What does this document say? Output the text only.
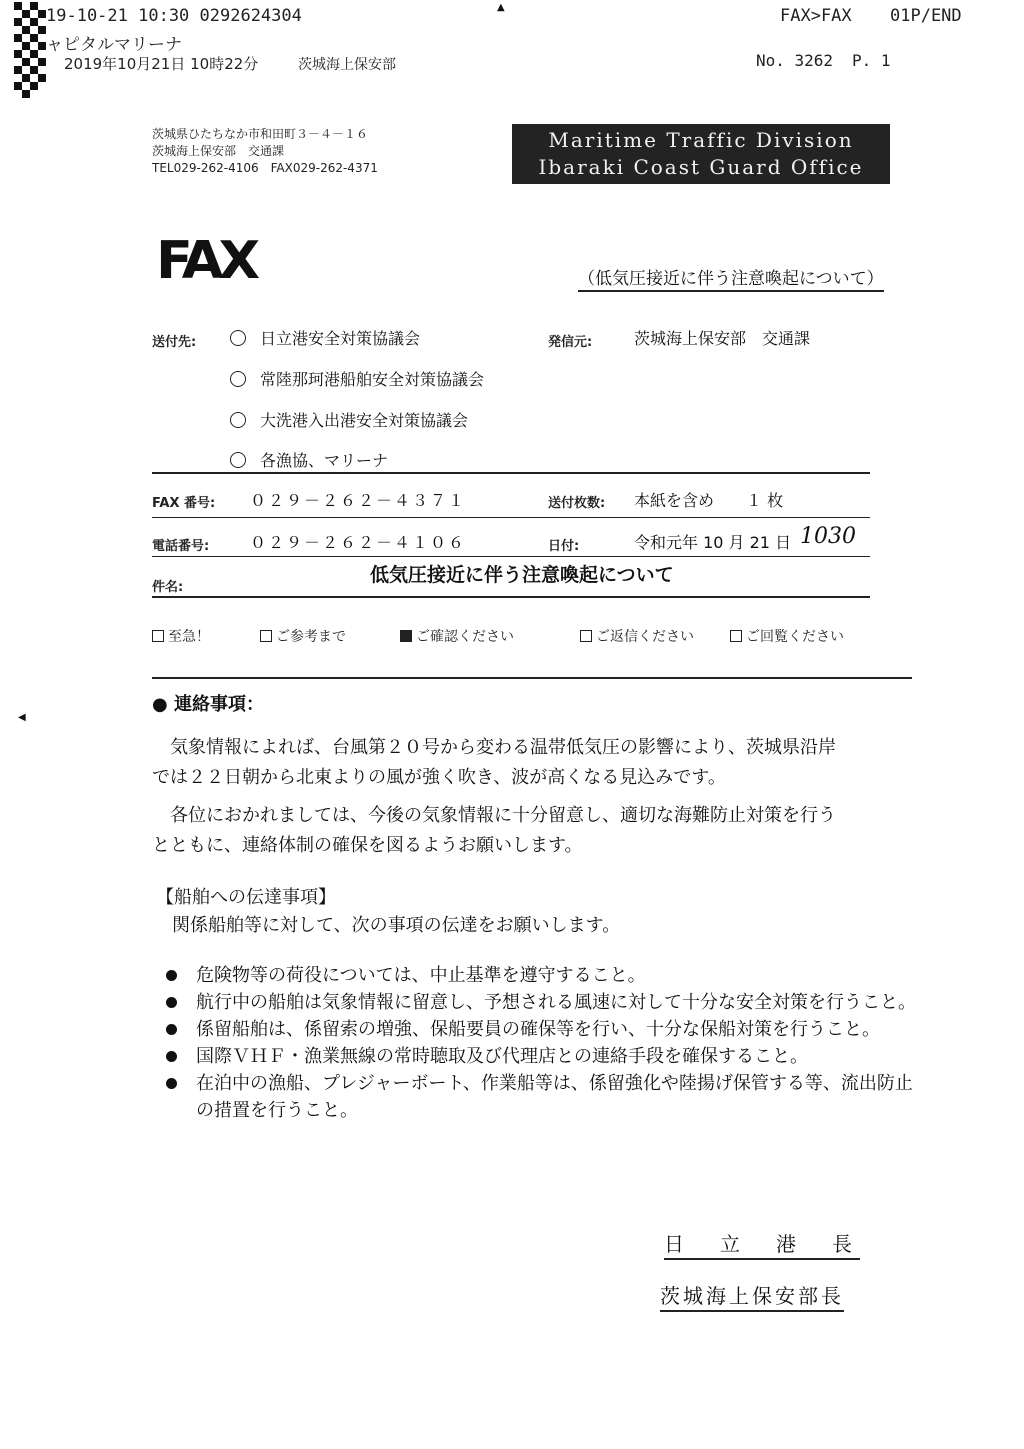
19-10-21 10:30 0292624304
ャピタルマリーナ
2019年10月21日 10時22分	茨城海上保安部
▲	FAX>FAX 01P/END
No. 3262 P. 1
茨城県ひたちなか市和田町３－４－１６
茨城海上保安部　交通課
TEL029-262-4106　FAX029-262-4371
Maritime Traffic Division
Ibaraki Coast Guard Office
FAX	（低気圧接近に伴う注意喚起について）
送付先:	日立港安全対策協議会
常陸那珂港船舶安全対策協議会
大洗港入出港安全対策協議会
各漁協、マリーナ
発信元:	茨城海上保安部　交通課
FAX 番号: ０２９－２６２－４３７１	送付枚数: 本紙を含め　　１ 枚
電話番号:	０２９－２６２－４１０６	日付:	令和元年 10 月 21 日 1030
件名:
低気圧接近に伴う注意喚起について
至急！	ご参考まで	ご確認ください	ご返信ください	ご回覧ください
◀
● 連絡事項：
気象情報によれば、台風第２０号から変わる温帯低気圧の影響により、茨城県沿岸
では２２日朝から北東よりの風が強く吹き、波が高くなる見込みです。
各位におかれましては、今後の気象情報に十分留意し、適切な海難防止対策を行う
とともに、連絡体制の確保を図るようお願いします。
【船舶への伝達事項】
関係船舶等に対して、次の事項の伝達をお願いします。
危険物等の荷役については、中止基準を遵守すること。
航行中の船舶は気象情報に留意し、予想される風速に対して十分な安全対策を行うこと。
係留船舶は、係留索の増強、保船要員の確保等を行い、十分な保船対策を行うこと。
国際ＶＨＦ・漁業無線の常時聴取及び代理店との連絡手段を確保すること。
在泊中の漁船、プレジャーボート、作業船等は、係留強化や陸揚げ保管する等、流出防止の措置を行うこと。
日　立　港　長
茨城海上保安部長
